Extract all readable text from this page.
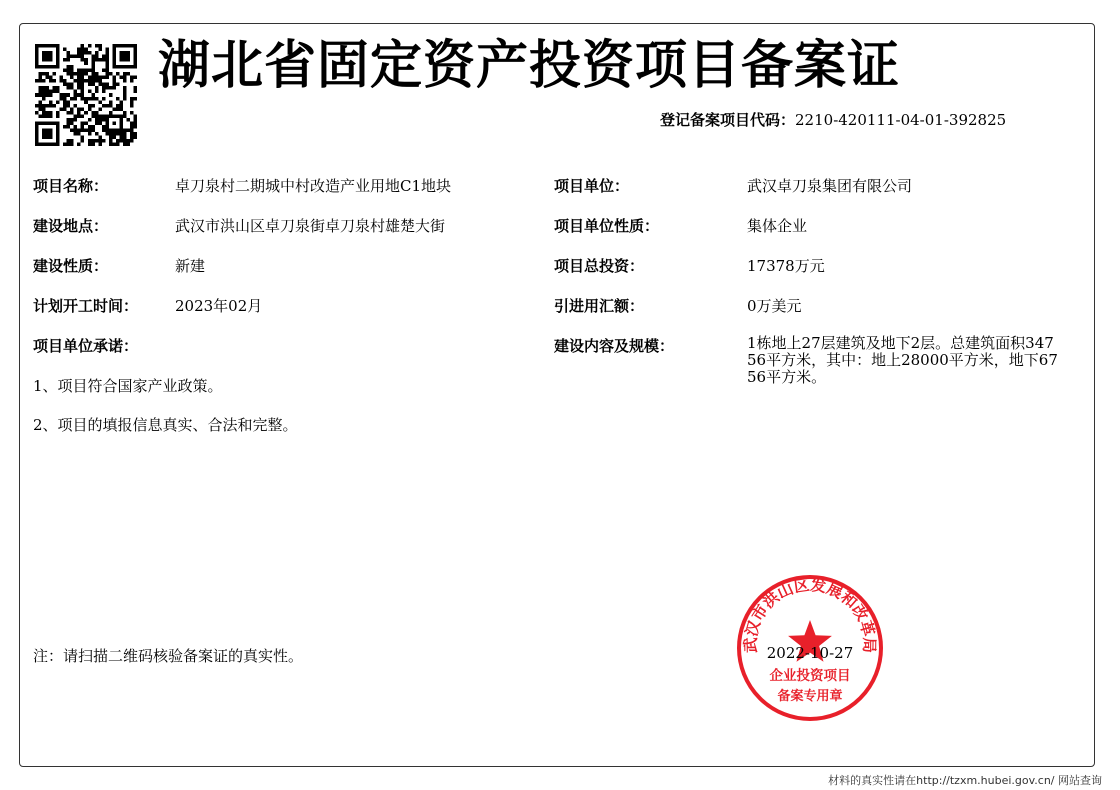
湖北省固定资产投资项目备案证
登记备案项目代码：2210-420111-04-01-392825
项目名称：	卓刀泉村二期城中村改造产业用地C1地块
建设地点：	武汉市洪山区卓刀泉街卓刀泉村雄楚大街
建设性质：	新建
计划开工时间： 2023年02月
项目单位承诺：
1、项目符合国家产业政策。
2、项目的填报信息真实、合法和完整。
项目单位：	武汉卓刀泉集团有限公司
项目单位性质：	集体企业
项目总投资：	17378万元
引进用汇额：	0万美元
建设内容及规模：	1栋地上27层建筑及地下2层。总建筑面积34756平方米，其中：地上28000平方米，地下6756平方米。
注：请扫描二维码核验备案证的真实性。
武汉市洪山区发展和改革局
2022-10-27
企业投资项目
备案专用章
材料的真实性请在http://tzxm.hubei.gov.cn/ 网站查询
